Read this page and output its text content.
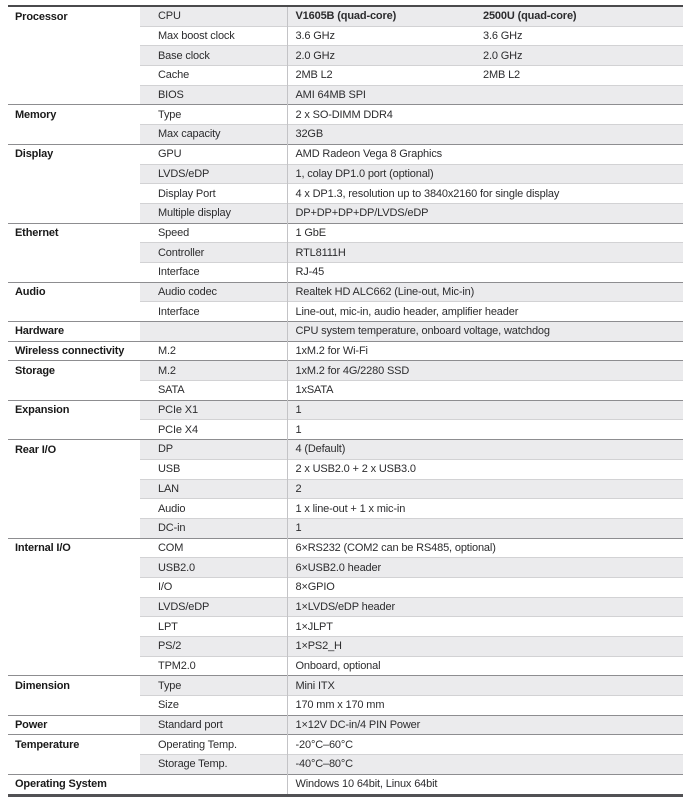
Processor	CPU	V1605B (quad-core)	2500U (quad-core)
	Max boost clock	3.6 GHz	3.6 GHz
	Base clock	2.0 GHz	2.0 GHz
	Cache	2MB L2	2MB L2
	BIOS	AMI 64MB SPI	
Memory	Type	2 x SO-DIMM DDR4	
	Max capacity	32GB	
Display	GPU	AMD Radeon Vega 8 Graphics	
	LVDS/eDP	1, colay DP1.0 port (optional)	
	Display Port	4 x DP1.3, resolution up to 3840x2160 for single display	
	Multiple display	DP+DP+DP+DP/LVDS/eDP	
Ethernet	Speed	1 GbE	
	Controller	RTL8111H	
	Interface	RJ-45	
Audio	Audio codec	Realtek HD ALC662 (Line-out, Mic-in)	
	Interface	Line-out, mic-in, audio header, amplifier header	
Hardware		CPU system temperature, onboard voltage, watchdog	
Wireless connectivity	M.2	1xM.2 for Wi-Fi	
Storage	M.2	1xM.2 for 4G/2280 SSD	
	SATA	1xSATA	
Expansion	PCIe X1	1	
	PCIe X4	1	
Rear I/O	DP	4 (Default)	
	USB	2 x USB2.0 + 2 x USB3.0	
	LAN	2	
	Audio	1 x line-out + 1 x mic-in	
	DC-in	1	
Internal I/O	COM	6×RS232 (COM2 can be RS485, optional)	
	USB2.0	6×USB2.0 header	
	I/O	8×GPIO	
	LVDS/eDP	1×LVDS/eDP header	
	LPT	1×JLPT	
	PS/2	1×PS2_H	
	TPM2.0	Onboard, optional	
Dimension	Type	Mini ITX	
	Size	170 mm x 170 mm	
Power	Standard port	1×12V DC-in/4 PIN Power	
Temperature	Operating Temp.	-20°C–60°C	
	Storage Temp.	-40°C–80°C	
Operating System		Windows 10 64bit, Linux 64bit	
